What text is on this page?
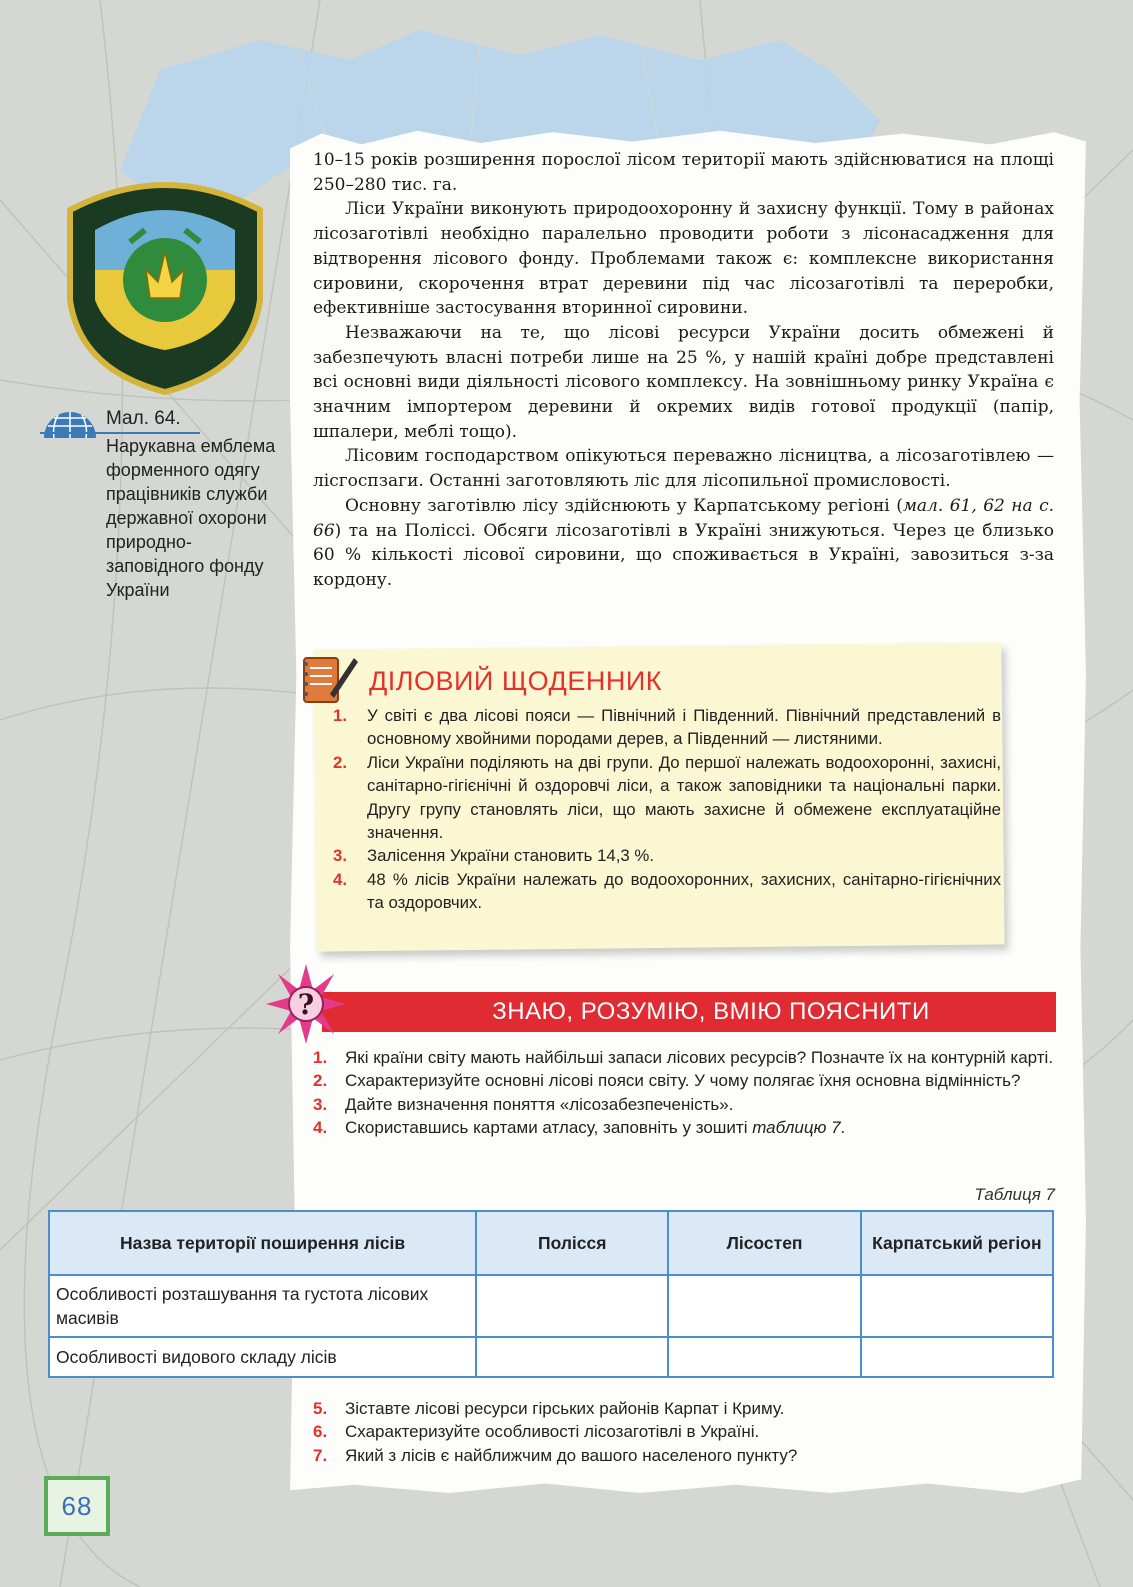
Мал. 64.
Нарукавна емблема форменного одягу працівників служби державної охорони природно-заповідного фонду України

10–15 років розширення порослої лісом території мають здійснюватися на площі 250–280 тис. га.

Ліси України виконують природоохоронну й захисну функції. Тому в районах лісозаготівлі необхідно паралельно проводити роботи з лісонасадження для відтворення лісового фонду. Проблемами також є: комплексне використання сировини, скорочення втрат деревини під час лісозаготівлі та переробки, ефективніше застосування вторинної сировини.

Незважаючи на те, що лісові ресурси України досить обмежені й забезпечують власні потреби лише на 25 %, у нашій країні добре представлені всі основні види діяльності лісового комплексу. На зовнішньому ринку Україна є значним імпортером деревини й окремих видів готової продукції (папір, шпалери, меблі тощо).

Лісовим господарством опікуються переважно лісництва, а лісозаготівлею — лісгоспзаги. Останні заготовляють ліс для лісопильної промисловості.

Основну заготівлю лісу здійснюють у Карпатському регіоні (мал. 61, 62 на с. 66) та на Поліссі. Обсяги лісозаготівлі в Україні знижуються. Через це близько 60 % кількості лісової сировини, що споживається в Україні, завозиться з-за кордону.

ДІЛОВИЙ ЩОДЕННИК
1. У світі є два лісові пояси — Північний і Південний. Північний представлений в основному хвойними породами дерев, а Південний — листяними.
2. Ліси України поділяють на дві групи. До першої належать водоохоронні, захисні, санітарно-гігієнічні й оздоровчі ліси, а також заповідники та національні парки. Другу групу становлять ліси, що мають захисне й обмежене експлуатаційне значення.
3. Залісення України становить 14,3 %.
4. 48 % лісів України належать до водоохоронних, захисних, санітарно-гігієнічних та оздоровчих.
ЗНАЮ, РОЗУМІЮ, ВМІЮ ПОЯСНИТИ
?
1. Які країни світу мають найбільші запаси лісових ресурсів? Позначте їх на контурній карті.
2. Схарактеризуйте основні лісові пояси світу. У чому полягає їхня основна відмінність?
3. Дайте визначення поняття «лісозабезпеченість».
4. Скориставшись картами атласу, заповніть у зошиті таблицю 7.
Таблиця 7
Назва території поширення лісів	Полісся	Лісостеп	Карпатський регіон
Особливості розташування та густота лісових масивів			
Особливості видового складу лісів			
5. Зіставте лісові ресурси гірських районів Карпат і Криму.
6. Схарактеризуйте особливості лісозаготівлі в Україні.
7. Який з лісів є найближчим до вашого населеного пункту?
68
